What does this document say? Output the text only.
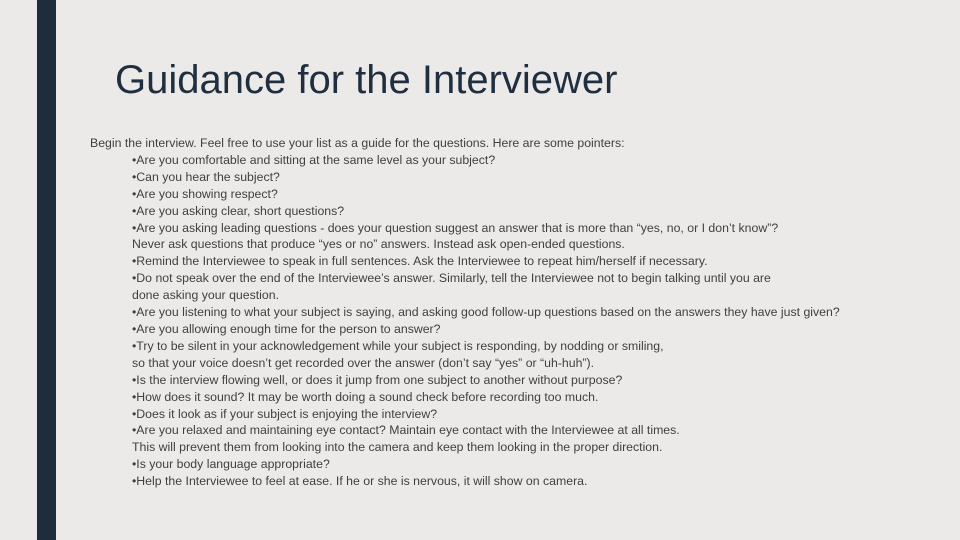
Guidance for the Interviewer
Begin the interview. Feel free to use your list as a guide for the questions. Here are some pointers:
•Are you comfortable and sitting at the same level as your subject?
•Can you hear the subject?
•Are you showing respect?
•Are you asking clear, short questions?
•Are you asking leading questions - does your question suggest an answer that is more than “yes, no, or I don’t know”?
Never ask questions that produce “yes or no” answers. Instead ask open-ended questions.
•Remind the Interviewee to speak in full sentences. Ask the Interviewee to repeat him/herself if necessary.
•Do not speak over the end of the Interviewee’s answer. Similarly, tell the Interviewee not to begin talking until you are
done asking your question.
•Are you listening to what your subject is saying, and asking good follow-up questions based on the answers they have just given?
•Are you allowing enough time for the person to answer?
•Try to be silent in your acknowledgement while your subject is responding, by nodding or smiling,
so that your voice doesn’t get recorded over the answer (don’t say “yes” or “uh-huh”).
•Is the interview flowing well, or does it jump from one subject to another without purpose?
•How does it sound? It may be worth doing a sound check before recording too much.
•Does it look as if your subject is enjoying the interview?
•Are you relaxed and maintaining eye contact? Maintain eye contact with the Interviewee at all times.
This will prevent them from looking into the camera and keep them looking in the proper direction.
•Is your body language appropriate?
•Help the Interviewee to feel at ease. If he or she is nervous, it will show on camera.
